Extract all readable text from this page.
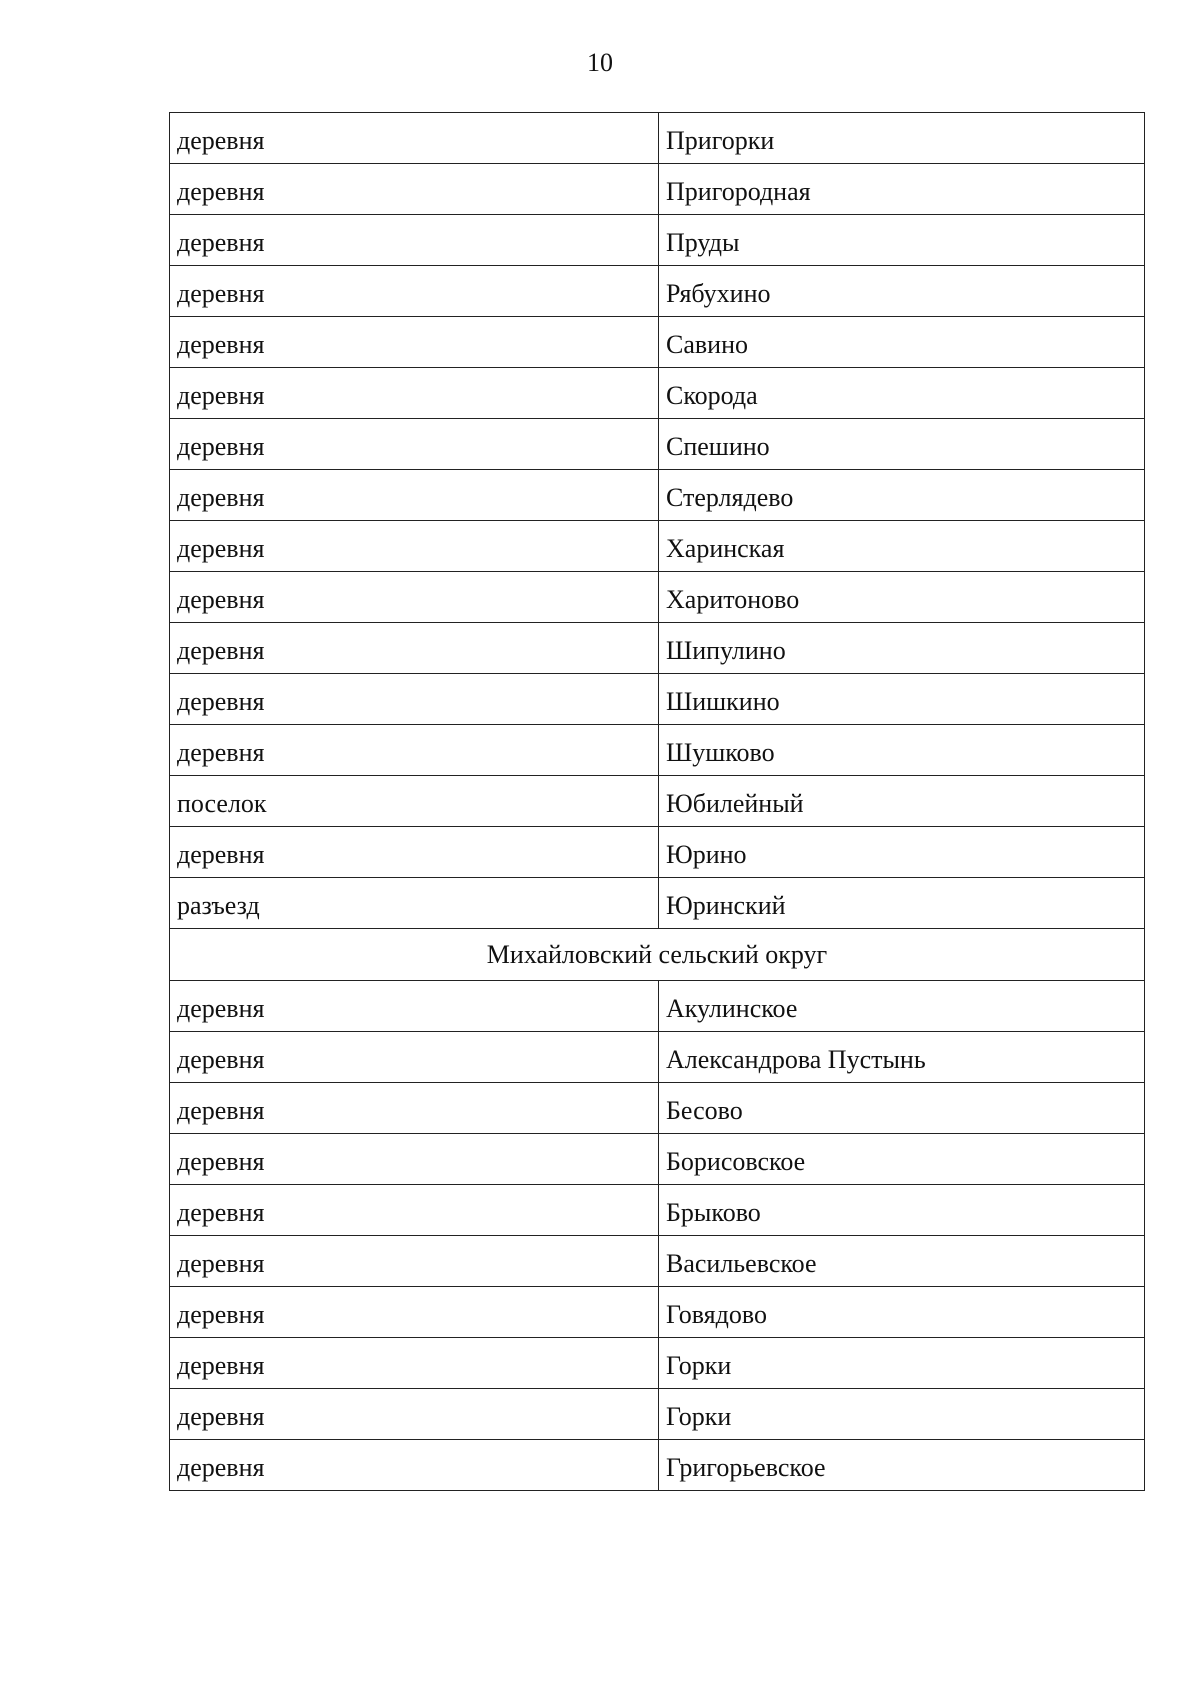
10
деревня	Пригорки
деревня	Пригородная
деревня	Пруды
деревня	Рябухино
деревня	Савино
деревня	Скорода
деревня	Спешино
деревня	Стерлядево
деревня	Харинская
деревня	Харитоново
деревня	Шипулино
деревня	Шишкино
деревня	Шушково
поселок	Юбилейный
деревня	Юрино
разъезд	Юринский
Михайловский сельский округ	
деревня	Акулинское
деревня	Александрова Пустынь
деревня	Бесово
деревня	Борисовское
деревня	Брыково
деревня	Васильевское
деревня	Говядово
деревня	Горки
деревня	Горки
деревня	Григорьевское
